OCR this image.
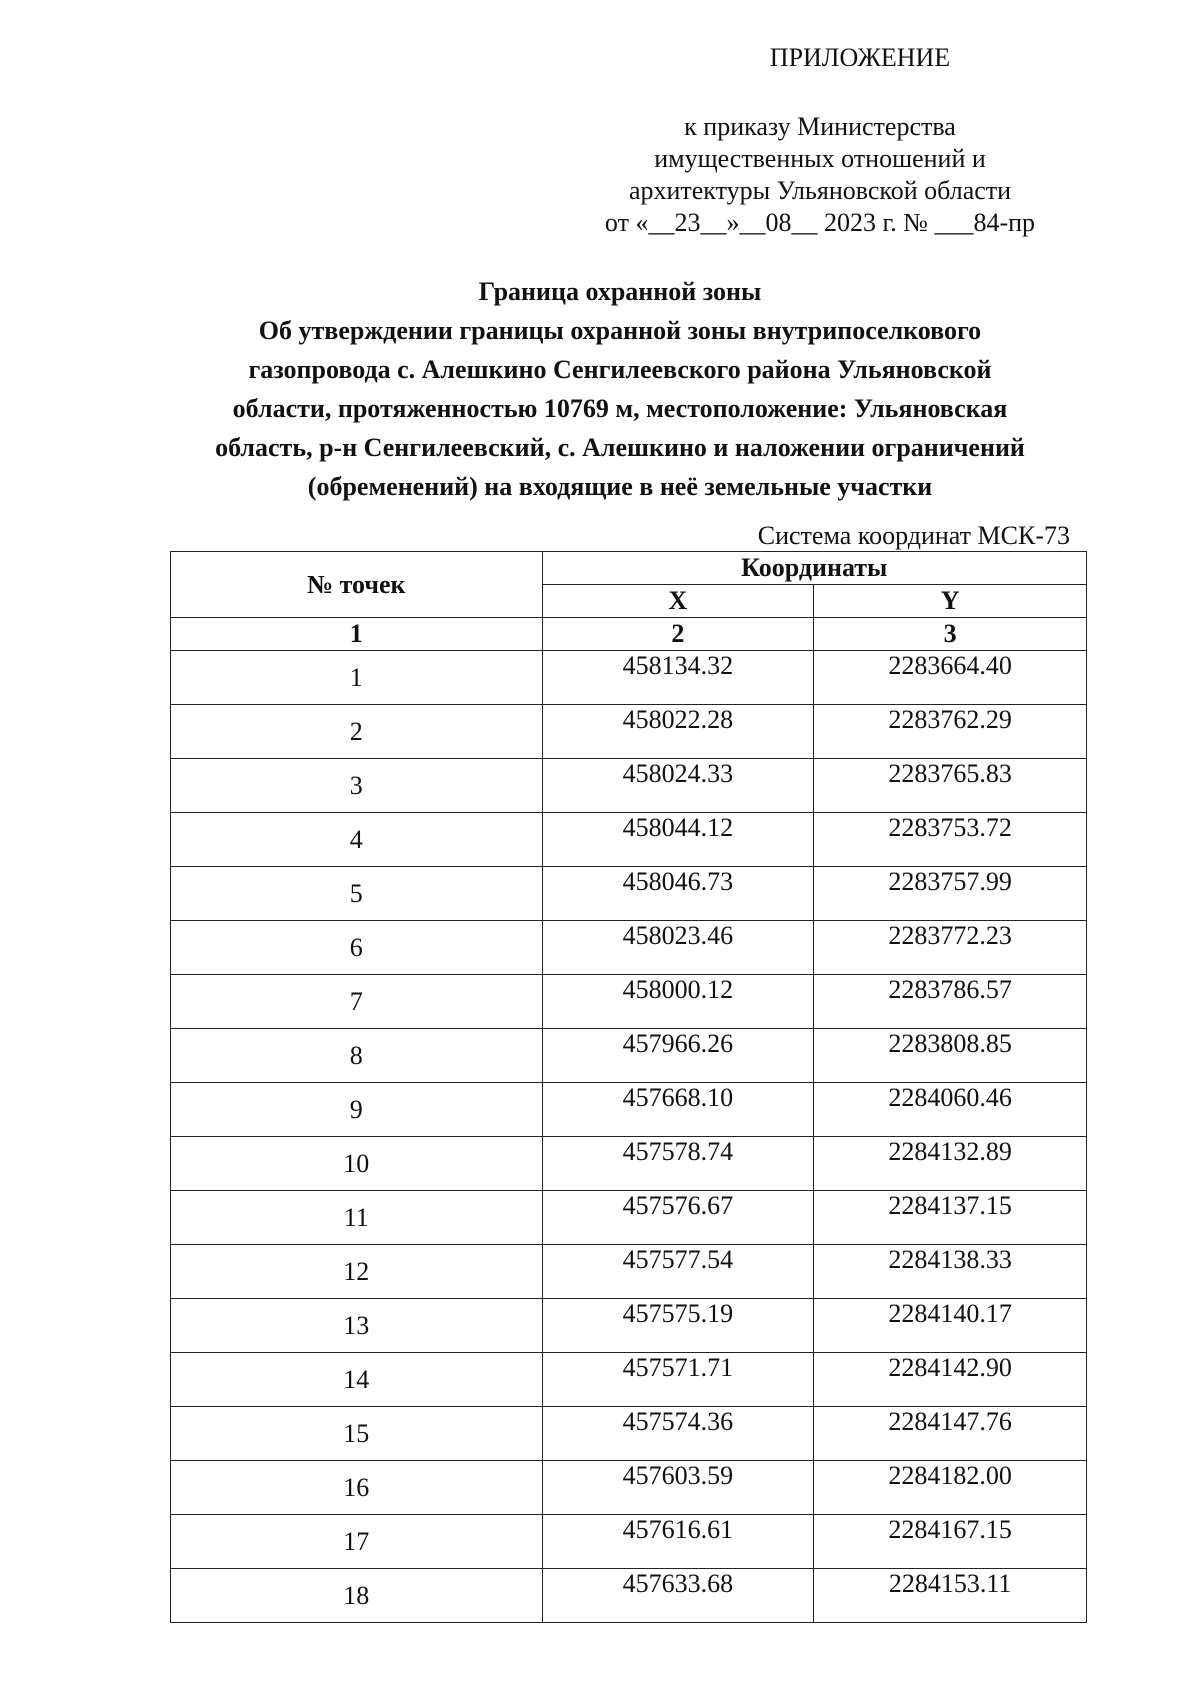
ПРИЛОЖЕНИЕ
к приказу Министерства
имущественных отношений и
архитектуры Ульяновской области
от «__23__»__08__ 2023 г. № ___84-пр
Граница охранной зоны
Об утверждении границы охранной зоны внутрипоселкового
газопровода с. Алешкино Сенгилеевского района Ульяновской
области, протяженностью 10769 м, местоположение: Ульяновская
область, р-н Сенгилеевский, с. Алешкино и наложении ограничений
(обременений) на входящие в неё земельные участки
Система координат МСК-73
№ точек	Координаты	
	X	Y
1	2	3
1	458134.32	2283664.40
2	458022.28	2283762.29
3	458024.33	2283765.83
4	458044.12	2283753.72
5	458046.73	2283757.99
6	458023.46	2283772.23
7	458000.12	2283786.57
8	457966.26	2283808.85
9	457668.10	2284060.46
10	457578.74	2284132.89
11	457576.67	2284137.15
12	457577.54	2284138.33
13	457575.19	2284140.17
14	457571.71	2284142.90
15	457574.36	2284147.76
16	457603.59	2284182.00
17	457616.61	2284167.15
18	457633.68	2284153.11
